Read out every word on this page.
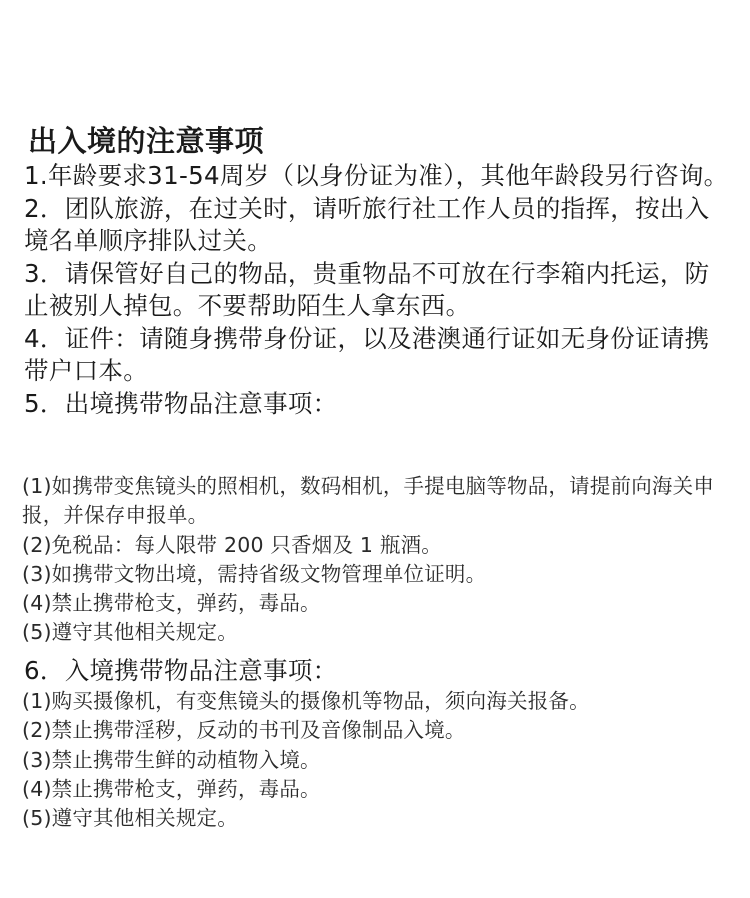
出入境的注意事项

1.年龄要求31-54周岁（以身份证为准），其他年龄段另行咨询。

2．团队旅游，在过关时，请听旅行社工作人员的指挥，按出入境名单顺序排队过关。

3．请保管好自己的物品，贵重物品不可放在行李箱内托运，防止被别人掉包。不要帮助陌生人拿东西。

4．证件：请随身携带身份证，以及港澳通行证如无身份证请携带户口本。

5．出境携带物品注意事项：

(1)如携带变焦镜头的照相机，数码相机，手提电脑等物品，请提前向海关申报，并保存申报单。

(2)免税品：每人限带 200 只香烟及 1 瓶酒。

(3)如携带文物出境，需持省级文物管理单位证明。

(4)禁止携带枪支，弹药，毒品。

(5)遵守其他相关规定。

6．入境携带物品注意事项：

(1)购买摄像机，有变焦镜头的摄像机等物品，须向海关报备。

(2)禁止携带淫秽，反动的书刊及音像制品入境。

(3)禁止携带生鲜的动植物入境。

(4)禁止携带枪支，弹药，毒品。

(5)遵守其他相关规定。
